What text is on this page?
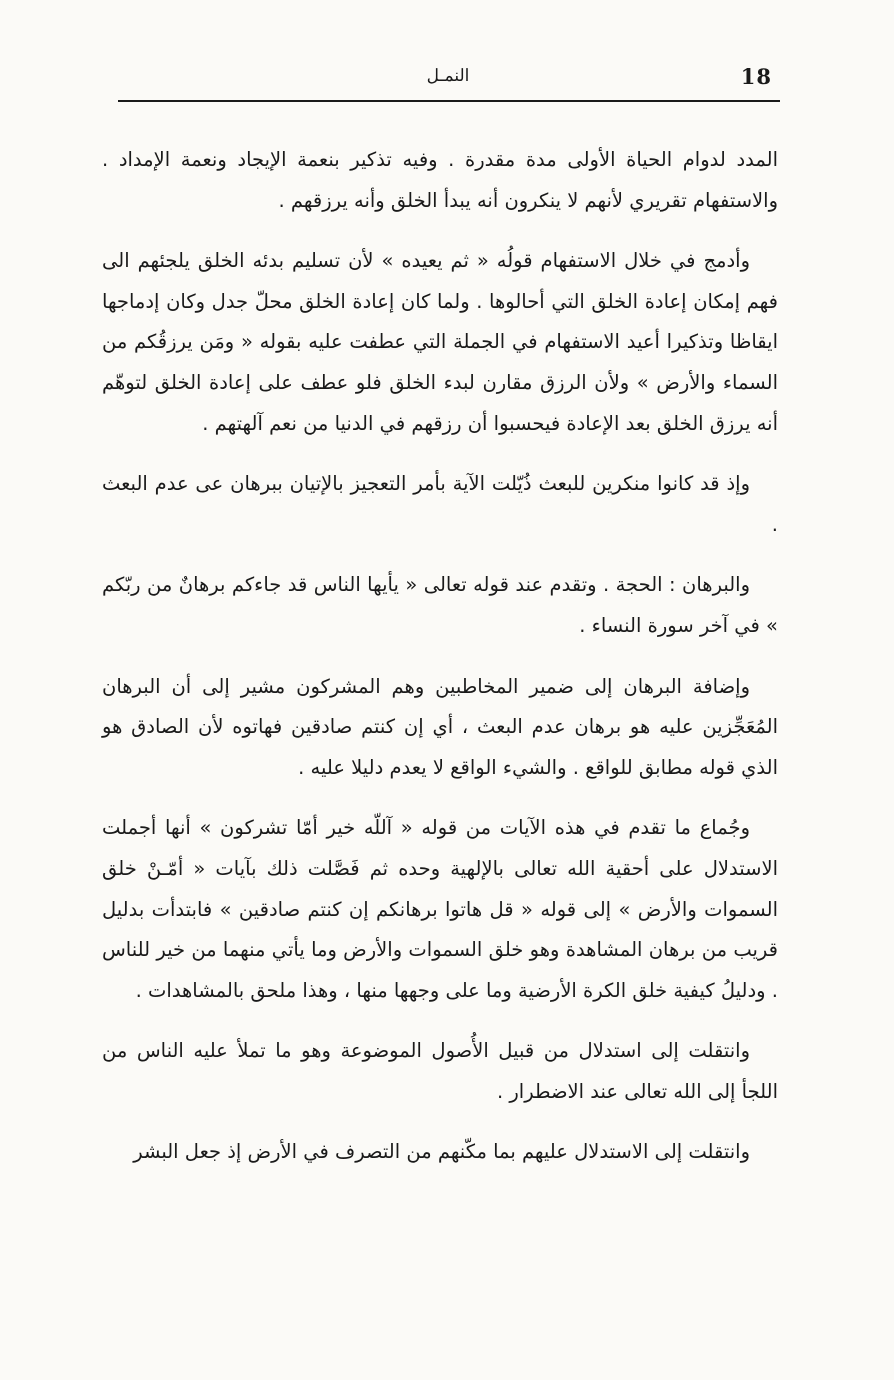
18
النمـل

المدد لدوام الحياة الأولى مدة مقدرة . وفيه تذكير بنعمة الإيجاد ونعمة الإمداد . والاستفهام تقريري لأنهم لا ينكرون أنه يبدأ الخلق وأنه يرزقهم .

وأدمج في خلال الاستفهام قولُه « ثم يعيده » لأن تسليم بدئه الخلق يلجئهم الى فهم إمكان إعادة الخلق التي أحالوها . ولما كان إعادة الخلق محلّ جدل وكان إدماجها ايقاظا وتذكيرا أعيد الاستفهام في الجملة التي عطفت عليه بقوله « ومَن يرزقُكم من السماء والأرض » ولأن الرزق مقارن لبدء الخلق فلو عطف على إعادة الخلق لتوهّم أنه يرزق الخلق بعد الإعادة فيحسبوا أن رزقهم في الدنيا من نعم آلهتهم .

وإذ قد كانوا منكرين للبعث ذُيّلت الآية بأمر التعجيز بالإتيان ببرهان عى عدم البعث .

والبرهان : الحجة . وتقدم عند قوله تعالى « يأيها الناس قد جاءكم برهانٌ من ربّكم » في آخر سورة النساء .

وإضافة البرهان إلى ضمير المخاطبين وهم المشركون مشير إلى أن البرهان المُعَجِّزين عليه هو برهان عدم البعث ، أي إن كنتم صادقين فهاتوه لأن الصادق هو الذي قوله مطابق للواقع . والشيء الواقع لا يعدم دليلا عليه .

وجُماع ما تقدم في هذه الآيات من قوله « آللّه خير أمّا تشركون » أنها أجملت الاستدلال على أحقية الله تعالى بالإلهية وحده ثم فَصَّلت ذلك بآيات « أمّـنْ خلق السموات والأرض » إلى قوله « قل هاتوا برهانكم إن كنتم صادقين » فابتدأت بدليل قريب من برهان المشاهدة وهو خلق السموات والأرض وما يأتي منهما من خير للناس . ودليلُ كيفية خلق الكرة الأرضية وما على وجهها منها ، وهذا ملحق بالمشاهدات .

وانتقلت إلى استدلال من قبيل الأُصول الموضوعة وهو ما تملأ عليه الناس من اللجأ إلى الله تعالى عند الاضطرار .

وانتقلت إلى الاستدلال عليهم بما مكّنهم من التصرف في الأرض إذ جعل البشر
